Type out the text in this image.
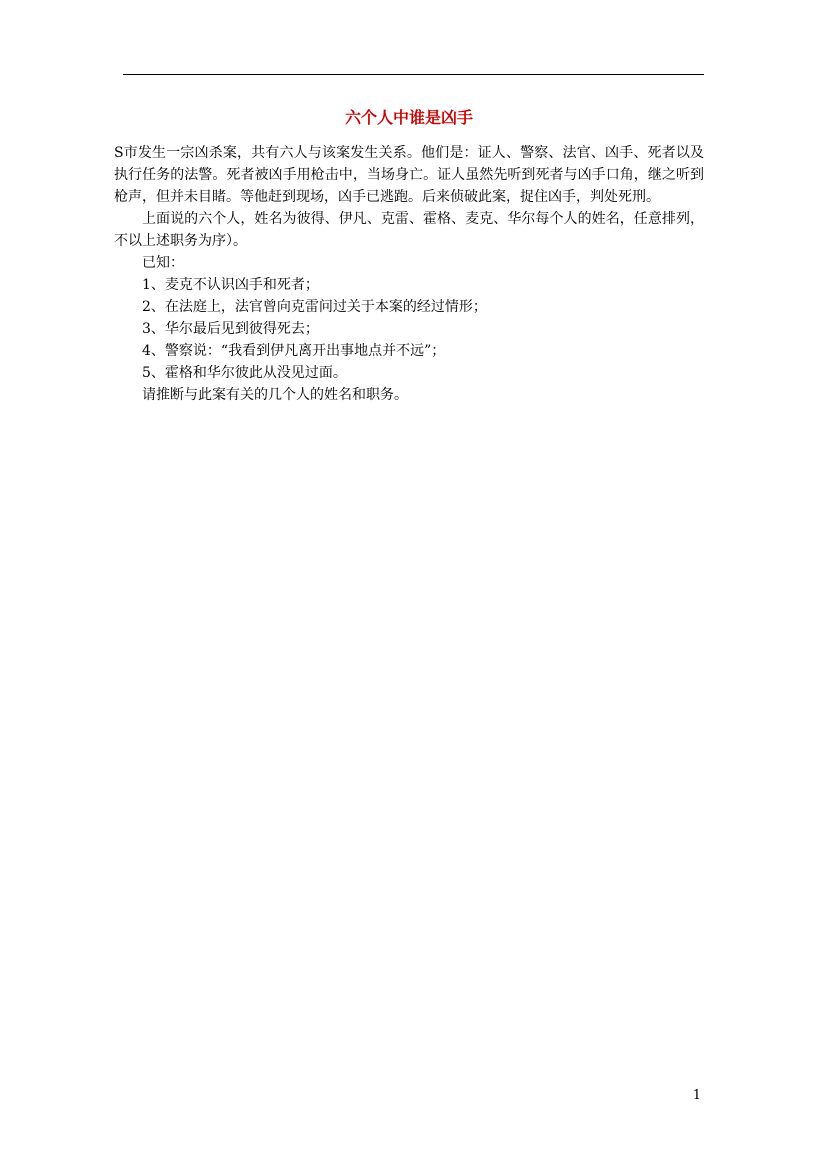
六个人中谁是凶手

S市发生一宗凶杀案，共有六人与该案发生关系。他们是：证人、警察、法官、凶手、死者以及执行任务的法警。死者被凶手用枪击中，当场身亡。证人虽然先听到死者与凶手口角，继之听到枪声，但并未目睹。等他赶到现场，凶手已逃跑。后来侦破此案，捉住凶手，判处死刑。

上面说的六个人，姓名为彼得、伊凡、克雷、霍格、麦克、华尔每个人的姓名，任意排列，不以上述职务为序）。

已知：

1、麦克不认识凶手和死者；

2、在法庭上，法官曾向克雷问过关于本案的经过情形；

3、华尔最后见到彼得死去；

4、警察说：“我看到伊凡离开出事地点并不远”；

5、霍格和华尔彼此从没见过面。

请推断与此案有关的几个人的姓名和职务。

1
